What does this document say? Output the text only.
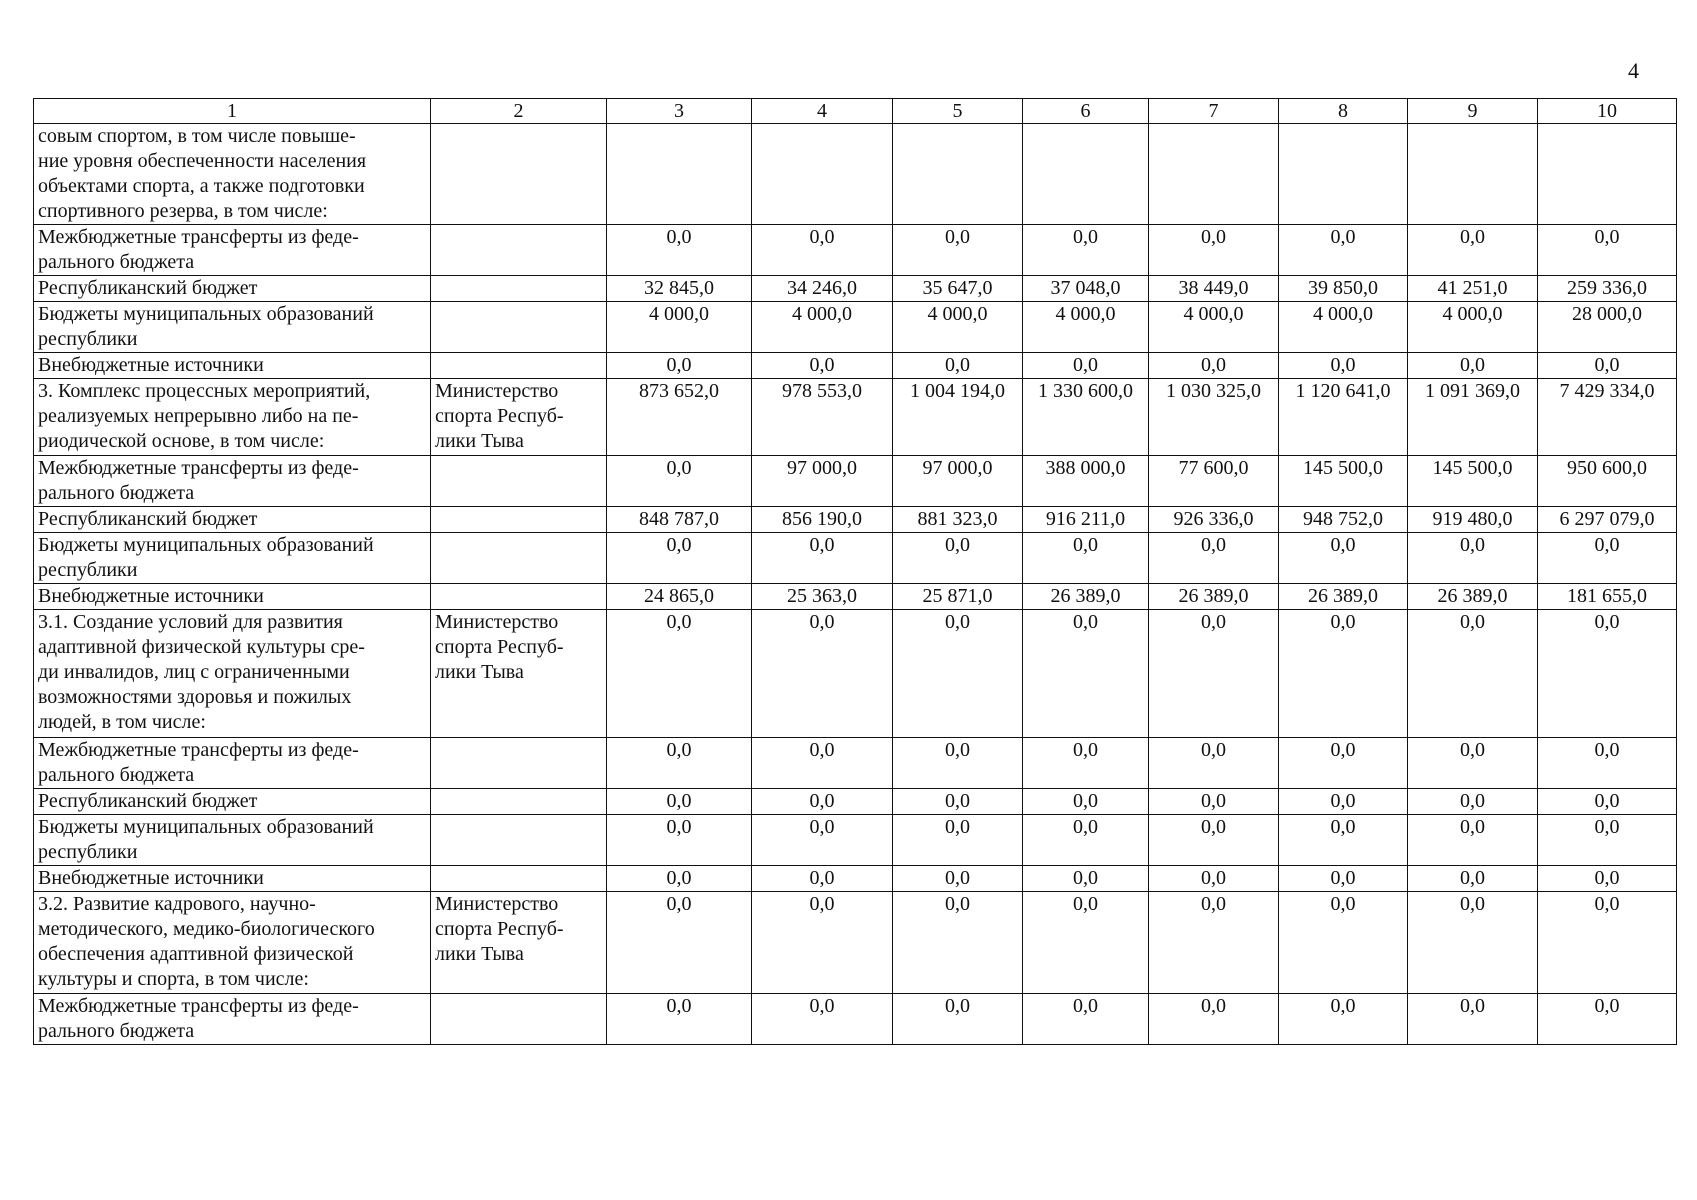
4
1	2	3	4	5	6	7	8	9	10
совым спортом, в том числе повыше-
ние уровня обеспеченности населения
объектами спорта, а также подготовки
спортивного резерва, в том числе:									
Межбюджетные трансферты из феде-
рального бюджета		0,0	0,0	0,0	0,0	0,0	0,0	0,0	0,0
Республиканский бюджет		32 845,0	34 246,0	35 647,0	37 048,0	38 449,0	39 850,0	41 251,0	259 336,0
Бюджеты муниципальных образований
республики		4 000,0	4 000,0	4 000,0	4 000,0	4 000,0	4 000,0	4 000,0	28 000,0
Внебюджетные источники		0,0	0,0	0,0	0,0	0,0	0,0	0,0	0,0
3. Комплекс процессных мероприятий,
реализуемых непрерывно либо на пе-
риодической основе, в том числе:	Министерство
спорта Респуб-
лики Тыва	873 652,0	978 553,0	1 004 194,0	1 330 600,0	1 030 325,0	1 120 641,0	1 091 369,0	7 429 334,0
Межбюджетные трансферты из феде-
рального бюджета		0,0	97 000,0	97 000,0	388 000,0	77 600,0	145 500,0	145 500,0	950 600,0
Республиканский бюджет		848 787,0	856 190,0	881 323,0	916 211,0	926 336,0	948 752,0	919 480,0	6 297 079,0
Бюджеты муниципальных образований
республики		0,0	0,0	0,0	0,0	0,0	0,0	0,0	0,0
Внебюджетные источники		24 865,0	25 363,0	25 871,0	26 389,0	26 389,0	26 389,0	26 389,0	181 655,0
3.1. Создание условий для развития
адаптивной физической культуры сре-
ди инвалидов, лиц с ограниченными
возможностями здоровья и пожилых
людей, в том числе:	Министерство
спорта Респуб-
лики Тыва	0,0	0,0	0,0	0,0	0,0	0,0	0,0	0,0
Межбюджетные трансферты из феде-
рального бюджета		0,0	0,0	0,0	0,0	0,0	0,0	0,0	0,0
Республиканский бюджет		0,0	0,0	0,0	0,0	0,0	0,0	0,0	0,0
Бюджеты муниципальных образований
республики		0,0	0,0	0,0	0,0	0,0	0,0	0,0	0,0
Внебюджетные источники		0,0	0,0	0,0	0,0	0,0	0,0	0,0	0,0
3.2. Развитие кадрового, научно-
методического, медико-биологического
обеспечения адаптивной физической
культуры и спорта, в том числе:	Министерство
спорта Респуб-
лики Тыва	0,0	0,0	0,0	0,0	0,0	0,0	0,0	0,0
Межбюджетные трансферты из феде-
рального бюджета		0,0	0,0	0,0	0,0	0,0	0,0	0,0	0,0
